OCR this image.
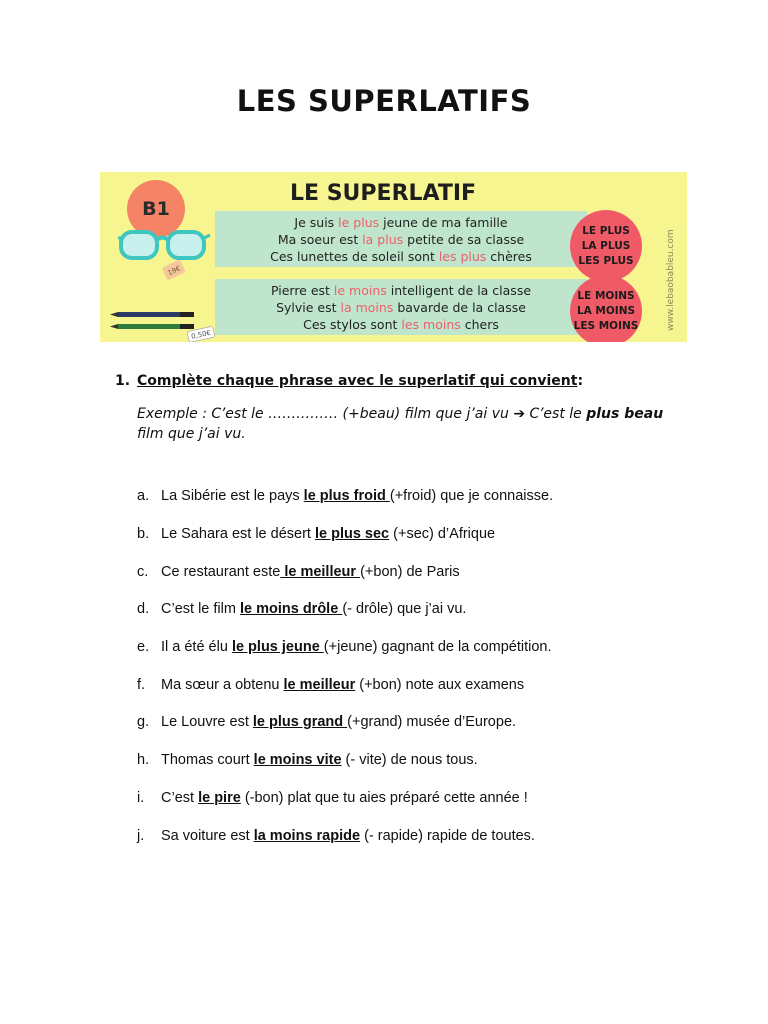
LES SUPERLATIFS
B1
LE SUPERLATIF
Je suis le plus jeune de ma famille
Ma soeur est la plus petite de sa classe
Ces lunettes de soleil sont les plus chères
Pierre est le moins intelligent de la classe
Sylvie est la moins bavarde de la classe
Ces stylos sont les moins chers
LE PLUS
LA PLUS
LES PLUS
LE MOINS
LA MOINS
LES MOINS	www.lebaobableu.com
19€
0,50€
1. Complète chaque phrase avec le superlatif qui convient:
Exemple : C’est le …………… (+beau) film que j’ai vu ➔ C’est le plus beau film que j’ai vu.
a. La Sibérie est le pays le plus froid (+froid) que je connaisse.
b. Le Sahara est le désert le plus sec (+sec) d’Afrique
c. Ce restaurant este le meilleur (+bon) de Paris
d. C’est le film le moins drôle (- drôle) que j’ai vu.
e. Il a été élu le plus jeune (+jeune) gagnant de la compétition.
f. Ma sœur a obtenu le meilleur (+bon) note aux examens
g. Le Louvre est le plus grand (+grand) musée d’Europe.
h. Thomas court le moins vite (- vite) de nous tous.
i. C’est le pire (-bon) plat que tu aies préparé cette année !
j. Sa voiture est la moins rapide (- rapide) rapide de toutes.
